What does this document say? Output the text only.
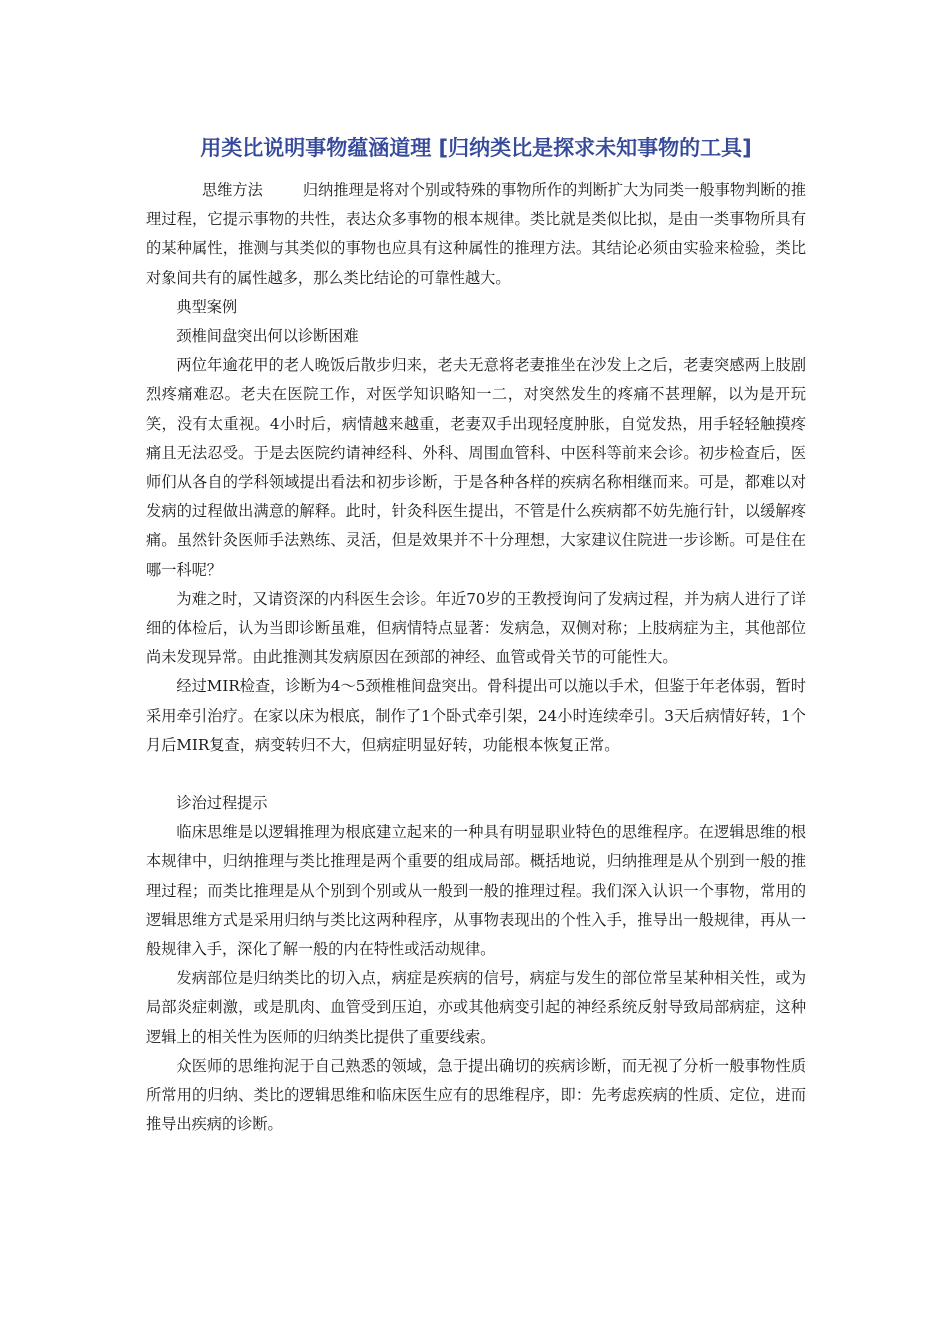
用类比说明事物蕴涵道理 [归纳类比是探求未知事物的工具]

思维方法	归纳推理是将对个别或特殊的事物所作的判断扩大为同类一般事物判断的推理过程，它提示事物的共性，表达众多事物的根本规律。类比就是类似比拟，是由一类事物所具有的某种属性，推测与其类似的事物也应具有这种属性的推理方法。其结论必须由实验来检验，类比对象间共有的属性越多，那么类比结论的可靠性越大。

典型案例

颈椎间盘突出何以诊断困难

两位年逾花甲的老人晚饭后散步归来，老夫无意将老妻推坐在沙发上之后，老妻突感两上肢剧烈疼痛难忍。老夫在医院工作，对医学知识略知一二，对突然发生的疼痛不甚理解，以为是开玩笑，没有太重视。4小时后，病情越来越重，老妻双手出现轻度肿胀，自觉发热，用手轻轻触摸疼痛且无法忍受。于是去医院约请神经科、外科、周围血管科、中医科等前来会诊。初步检查后，医师们从各自的学科领域提出看法和初步诊断，于是各种各样的疾病名称相继而来。可是，都难以对发病的过程做出满意的解释。此时，针灸科医生提出，不管是什么疾病都不妨先施行针，以缓解疼痛。虽然针灸医师手法熟练、灵活，但是效果并不十分理想，大家建议住院进一步诊断。可是住在哪一科呢？

为难之时，又请资深的内科医生会诊。年近70岁的王教授询问了发病过程，并为病人进行了详细的体检后，认为当即诊断虽难，但病情特点显著：发病急，双侧对称；上肢病症为主，其他部位尚未发现异常。由此推测其发病原因在颈部的神经、血管或骨关节的可能性大。

经过MIR检查，诊断为4～5颈椎椎间盘突出。骨科提出可以施以手术，但鉴于年老体弱，暂时采用牵引治疗。在家以床为根底，制作了1个卧式牵引架，24小时连续牵引。3天后病情好转，1个月后MIR复查，病变转归不大，但病症明显好转，功能根本恢复正常。

诊治过程提示

临床思维是以逻辑推理为根底建立起来的一种具有明显职业特色的思维程序。在逻辑思维的根本规律中，归纳推理与类比推理是两个重要的组成局部。概括地说，归纳推理是从个别到一般的推理过程；而类比推理是从个别到个别或从一般到一般的推理过程。我们深入认识一个事物，常用的逻辑思维方式是采用归纳与类比这两种程序，从事物表现出的个性入手，推导出一般规律，再从一般规律入手，深化了解一般的内在特性或活动规律。

发病部位是归纳类比的切入点，病症是疾病的信号，病症与发生的部位常呈某种相关性，或为局部炎症刺激，或是肌肉、血管受到压迫，亦或其他病变引起的神经系统反射导致局部病症，这种逻辑上的相关性为医师的归纳类比提供了重要线索。

众医师的思维拘泥于自己熟悉的领域，急于提出确切的疾病诊断，而无视了分析一般事物性质所常用的归纳、类比的逻辑思维和临床医生应有的思维程序，即：先考虑疾病的性质、定位，进而推导出疾病的诊断。
